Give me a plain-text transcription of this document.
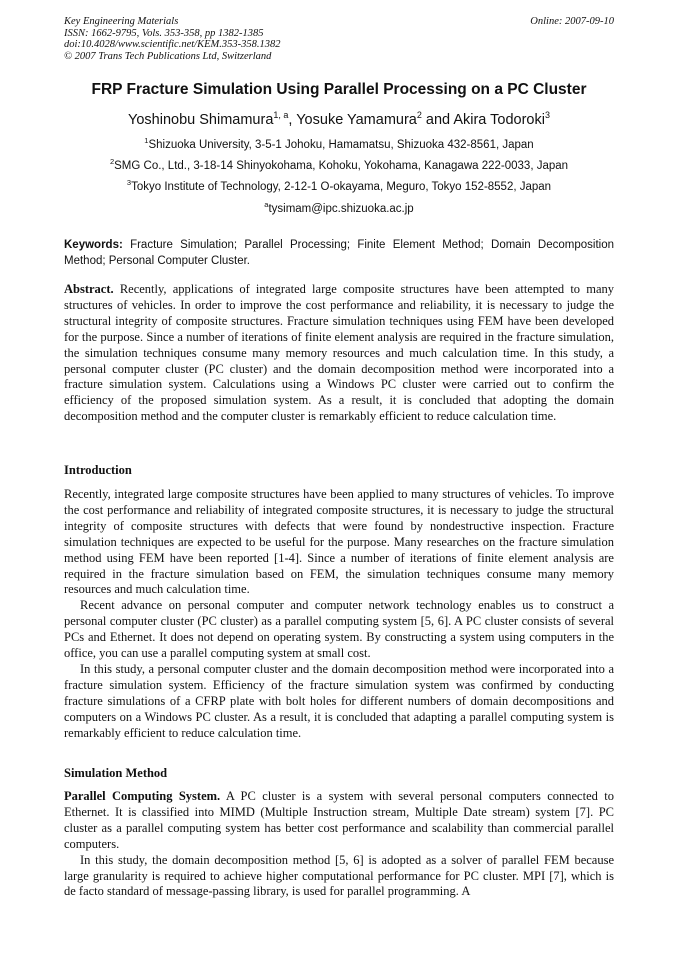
Key Engineering Materials
ISSN: 1662-9795, Vols. 353-358, pp 1382-1385
doi:10.4028/www.scientific.net/KEM.353-358.1382
© 2007 Trans Tech Publications Ltd, Switzerland
Online: 2007-09-10
FRP Fracture Simulation Using Parallel Processing on a PC Cluster
Yoshinobu Shimamura$^{1, a}$, Yosuke Yamamura$^2$ and Akira Todoroki$^3$
$^1$Shizuoka University, 3-5-1 Johoku, Hamamatsu, Shizuoka 432-8561, Japan
$^2$SMG Co., Ltd., 3-18-14 Shinyokohama, Kohoku, Yokohama, Kanagawa 222-0033, Japan
$^3$Tokyo Institute of Technology, 2-12-1 O-okayama, Meguro, Tokyo 152-8552, Japan
$^a$tysimam@ipc.shizuoka.ac.jp
Keywords: Fracture Simulation; Parallel Processing; Finite Element Method; Domain Decomposition Method; Personal Computer Cluster.

Abstract. Recently, applications of integrated large composite structures have been attempted to many structures of vehicles. In order to improve the cost performance and reliability, it is necessary to judge the structural integrity of composite structures. Fracture simulation techniques using FEM have been developed for the purpose. Since a number of iterations of finite element analysis are required in the fracture simulation, the simulation techniques consume many memory resources and much calculation time. In this study, a personal computer cluster (PC cluster) and the domain decomposition method were incorporated into a fracture simulation system. Calculations using a Windows PC cluster were carried out to confirm the efficiency of the proposed simulation system. As a result, it is concluded that adopting the domain decomposition method and the computer cluster is remarkably efficient to reduce calculation time.

Introduction

Recently, integrated large composite structures have been applied to many structures of vehicles. To improve the cost performance and reliability of integrated composite structures, it is necessary to judge the structural integrity of composite structures with defects that were found by nondestructive inspection. Fracture simulation techniques are expected to be useful for the purpose. Many researches on the fracture simulation method using FEM have been reported [1-4]. Since a number of iterations of finite element analysis are required in the fracture simulation based on FEM, the simulation techniques consume many memory resources and much calculation time.

Recent advance on personal computer and computer network technology enables us to construct a personal computer cluster (PC cluster) as a parallel computing system [5, 6]. A PC cluster consists of several PCs and Ethernet. It does not depend on operating system. By constructing a system using computers in the office, you can use a parallel computing system at small cost.

In this study, a personal computer cluster and the domain decomposition method were incorporated into a fracture simulation system. Efficiency of the fracture simulation system was confirmed by conducting fracture simulations of a CFRP plate with bolt holes for different numbers of domain decompositions and computers on a Windows PC cluster. As a result, it is concluded that adapting a parallel computing system is remarkably efficient to reduce calculation time.

Simulation Method

Parallel Computing System. A PC cluster is a system with several personal computers connected to Ethernet. It is classified into MIMD (Multiple Instruction stream, Multiple Date stream) system [7]. PC cluster as a parallel computing system has better cost performance and scalability than commercial parallel computers.

In this study, the domain decomposition method [5, 6] is adopted as a solver of parallel FEM because large granularity is required to achieve higher computational performance for PC cluster. MPI [7], which is de facto standard of message-passing library, is used for parallel programming. A
